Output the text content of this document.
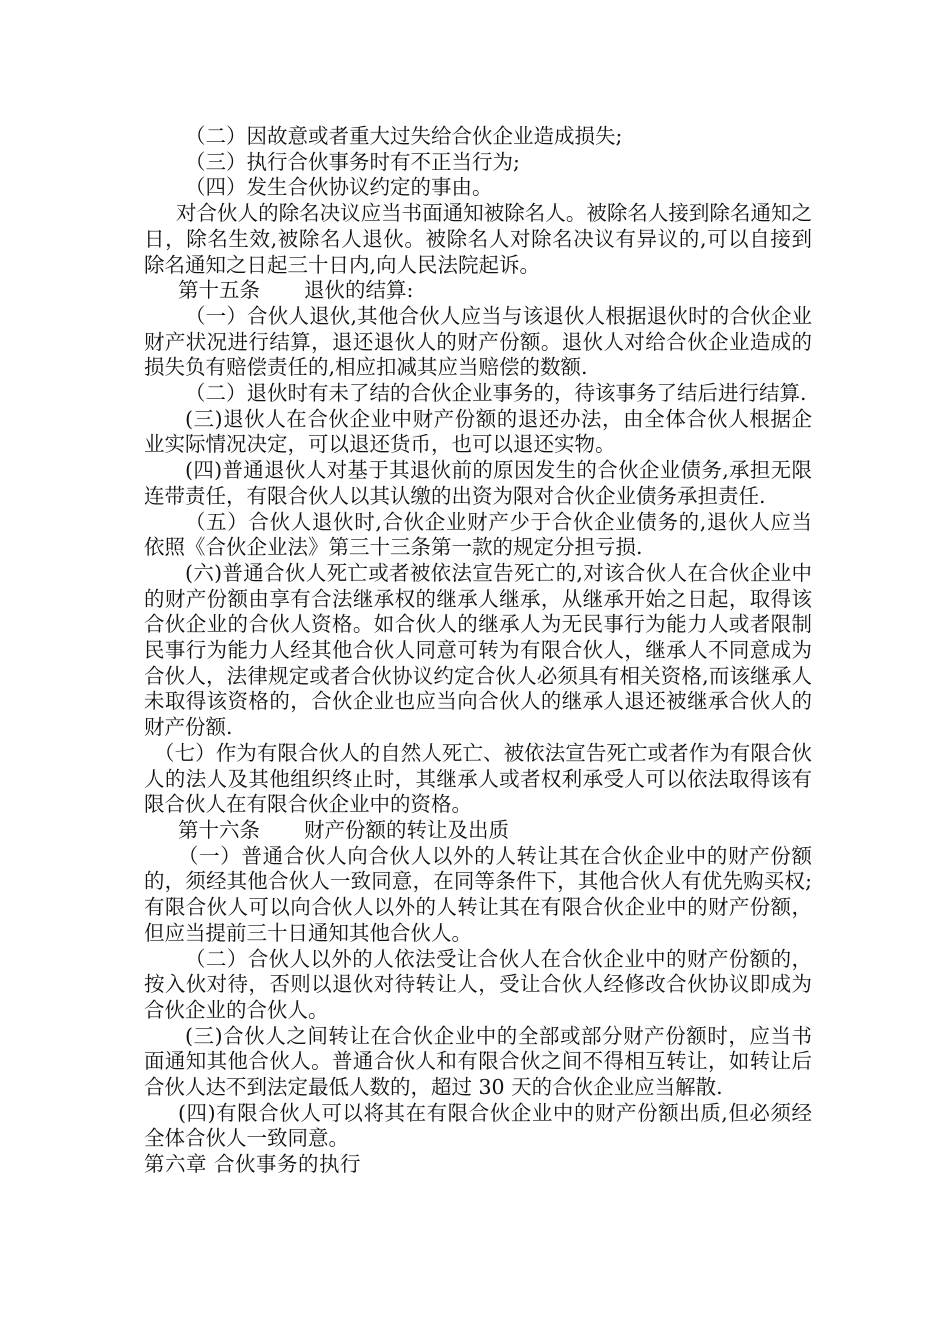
（二）因故意或者重大过失给合伙企业造成损失;

（三）执行合伙事务时有不正当行为;

（四）发生合伙协议约定的事由。

对合伙人的除名决议应当书面通知被除名人。被除名人接到除名通知之日，除名生效,被除名人退伙。被除名人对除名决议有异议的,可以自接到除名通知之日起三十日内,向人民法院起诉。

第十五条 退伙的结算:

（一）合伙人退伙,其他合伙人应当与该退伙人根据退伙时的合伙企业财产状况进行结算，退还退伙人的财产份额。退伙人对给合伙企业造成的损失负有赔偿责任的,相应扣减其应当赔偿的数额.

（二）退伙时有未了结的合伙企业事务的，待该事务了结后进行结算.

(三)退伙人在合伙企业中财产份额的退还办法，由全体合伙人根据企业实际情况决定，可以退还货币，也可以退还实物。

(四)普通退伙人对基于其退伙前的原因发生的合伙企业债务,承担无限连带责任，有限合伙人以其认缴的出资为限对合伙企业债务承担责任.

（五）合伙人退伙时,合伙企业财产少于合伙企业债务的,退伙人应当依照《合伙企业法》第三十三条第一款的规定分担亏损.

(六)普通合伙人死亡或者被依法宣告死亡的,对该合伙人在合伙企业中的财产份额由享有合法继承权的继承人继承，从继承开始之日起，取得该合伙企业的合伙人资格。如合伙人的继承人为无民事行为能力人或者限制民事行为能力人经其他合伙人同意可转为有限合伙人，继承人不同意成为合伙人，法律规定或者合伙协议约定合伙人必须具有相关资格,而该继承人未取得该资格的，合伙企业也应当向合伙人的继承人退还被继承合伙人的财产份额.

（七）作为有限合伙人的自然人死亡、被依法宣告死亡或者作为有限合伙人的法人及其他组织终止时，其继承人或者权利承受人可以依法取得该有限合伙人在有限合伙企业中的资格。

第十六条 财产份额的转让及出质

（一）普通合伙人向合伙人以外的人转让其在合伙企业中的财产份额的，须经其他合伙人一致同意，在同等条件下，其他合伙人有优先购买权;有限合伙人可以向合伙人以外的人转让其在有限合伙企业中的财产份额，但应当提前三十日通知其他合伙人。

（二）合伙人以外的人依法受让合伙人在合伙企业中的财产份额的，按入伙对待，否则以退伙对待转让人，受让合伙人经修改合伙协议即成为合伙企业的合伙人。

(三)合伙人之间转让在合伙企业中的全部或部分财产份额时，应当书面通知其他合伙人。普通合伙人和有限合伙之间不得相互转让，如转让后合伙人达不到法定最低人数的，超过 30 天的合伙企业应当解散.

(四)有限合伙人可以将其在有限合伙企业中的财产份额出质,但必须经全体合伙人一致同意。

第六章 合伙事务的执行
